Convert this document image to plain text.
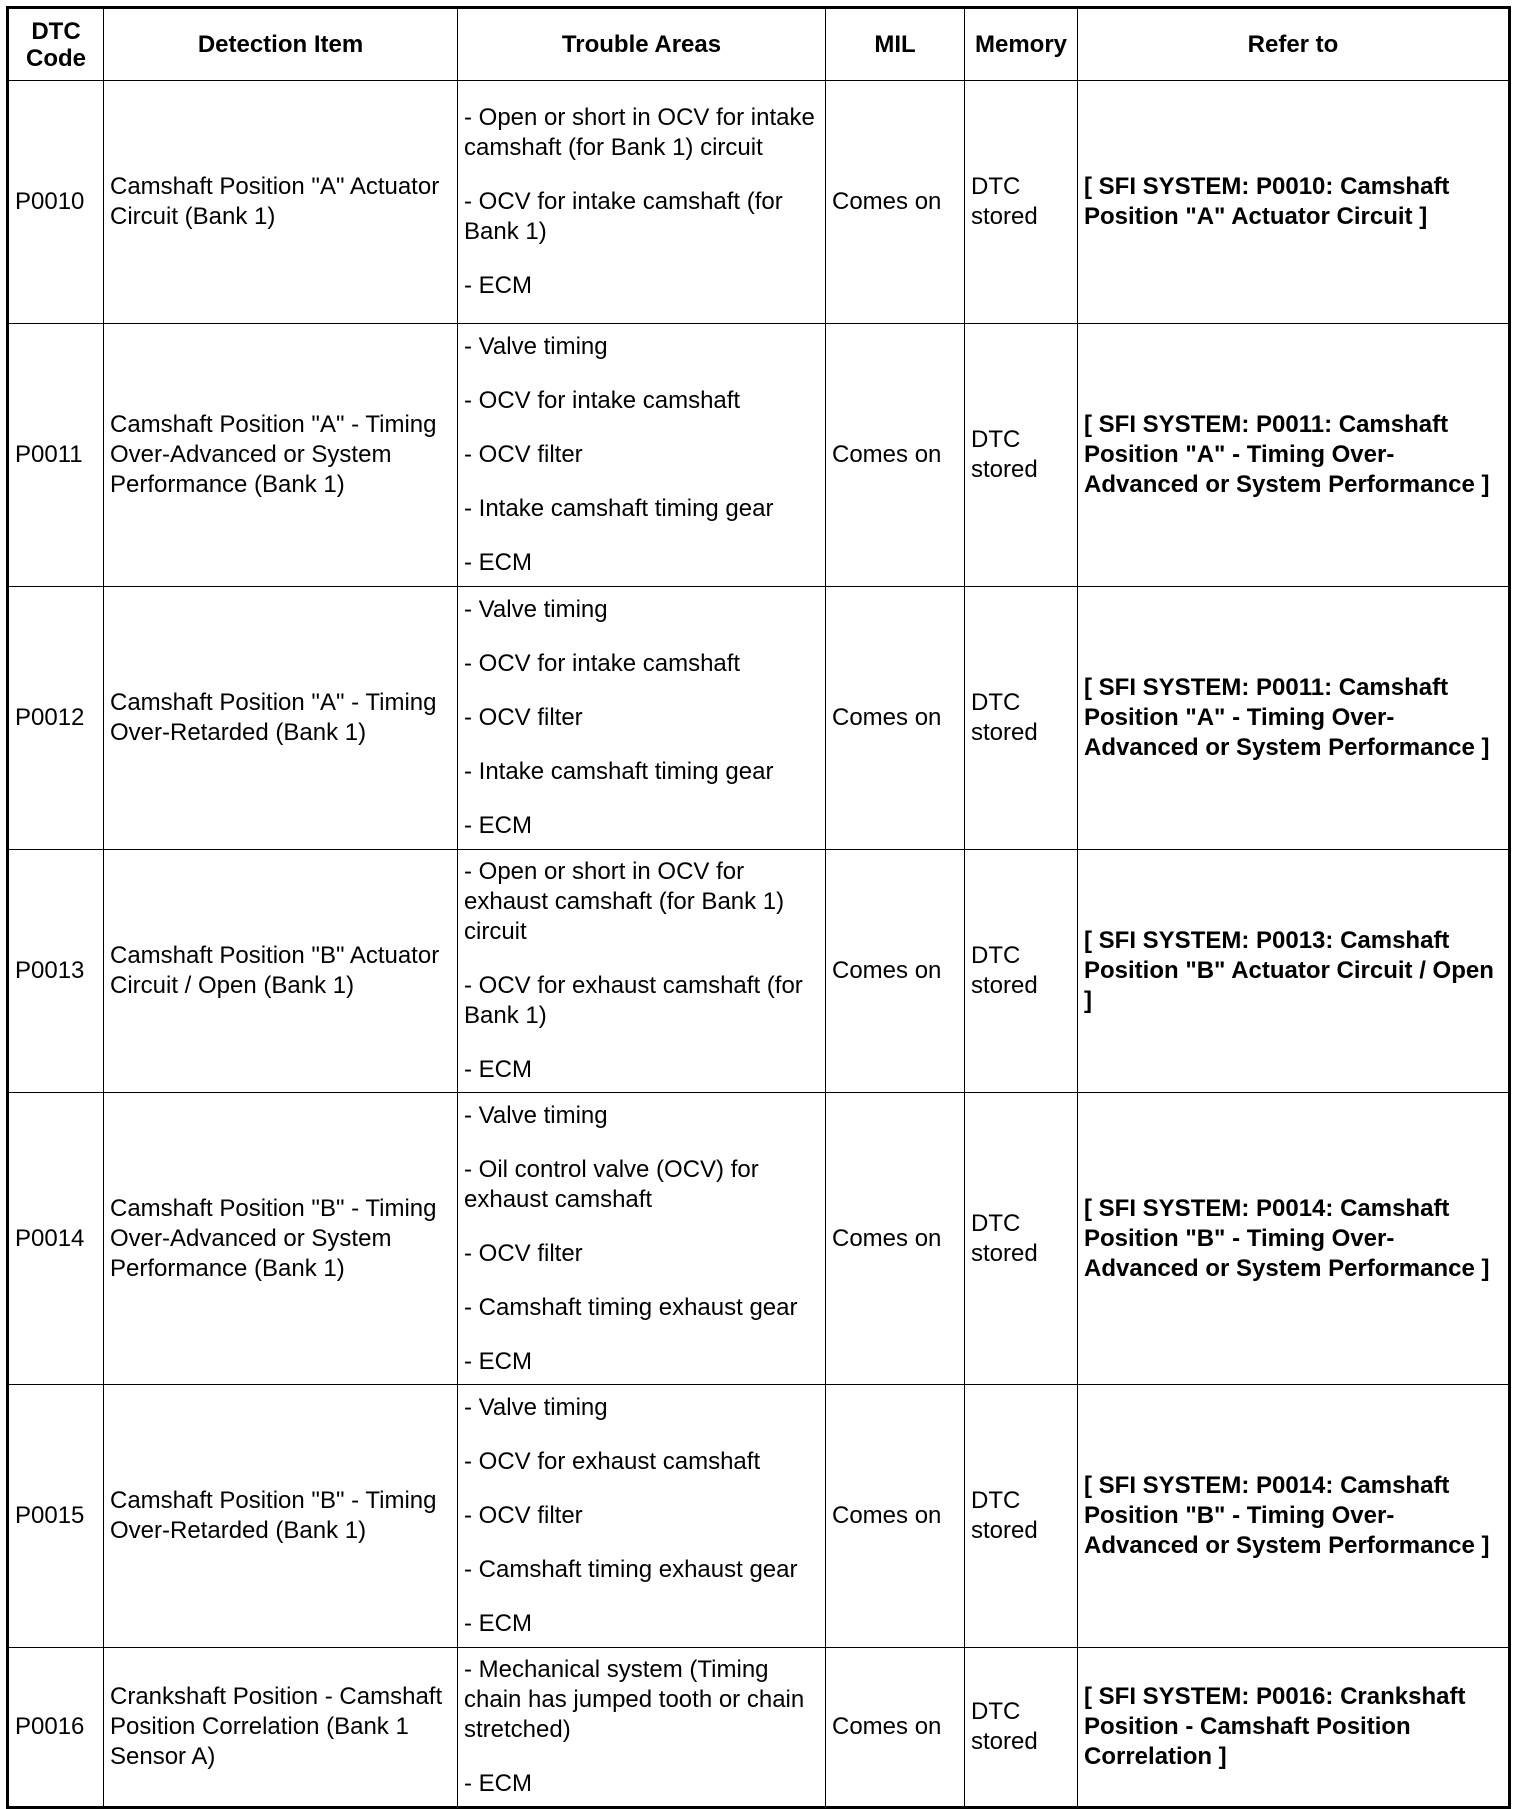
DTC Code	Detection Item	Trouble Areas	MIL	Memory	Refer to
P0010	Camshaft Position "A" Actuator Circuit (Bank 1)	- Open or short in OCV for intake camshaft (for Bank 1) circuit
- OCV for intake camshaft (for Bank 1)
- ECM	Comes on	DTC stored	[ SFI SYSTEM: P0010: Camshaft Position "A" Actuator Circuit ]
P0011	Camshaft Position "A" - Timing Over-Advanced or System Performance (Bank 1)	- Valve timing
- OCV for intake camshaft
- OCV filter
- Intake camshaft timing gear
- ECM	Comes on	DTC stored	[ SFI SYSTEM: P0011: Camshaft Position "A" - Timing Over-Advanced or System Performance ]
P0012	Camshaft Position "A" - Timing Over-Retarded (Bank 1)	- Valve timing
- OCV for intake camshaft
- OCV filter
- Intake camshaft timing gear
- ECM	Comes on	DTC stored	[ SFI SYSTEM: P0011: Camshaft Position "A" - Timing Over-Advanced or System Performance ]
P0013	Camshaft Position "B" Actuator Circuit / Open (Bank 1)	- Open or short in OCV for exhaust camshaft (for Bank 1) circuit
- OCV for exhaust camshaft (for Bank 1)
- ECM	Comes on	DTC stored	[ SFI SYSTEM: P0013: Camshaft Position "B" Actuator Circuit / Open ]
P0014	Camshaft Position "B" - Timing Over-Advanced or System Performance (Bank 1)	- Valve timing
- Oil control valve (OCV) for exhaust camshaft
- OCV filter
- Camshaft timing exhaust gear
- ECM	Comes on	DTC stored	[ SFI SYSTEM: P0014: Camshaft Position "B" - Timing Over-Advanced or System Performance ]
P0015	Camshaft Position "B" - Timing Over-Retarded (Bank 1)	- Valve timing
- OCV for exhaust camshaft
- OCV filter
- Camshaft timing exhaust gear
- ECM	Comes on	DTC stored	[ SFI SYSTEM: P0014: Camshaft Position "B" - Timing Over-Advanced or System Performance ]
P0016	Crankshaft Position - Camshaft Position Correlation (Bank 1 Sensor A)	- Mechanical system (Timing chain has jumped tooth or chain stretched)
- ECM	Comes on	DTC stored	[ SFI SYSTEM: P0016: Crankshaft Position - Camshaft Position Correlation ]
